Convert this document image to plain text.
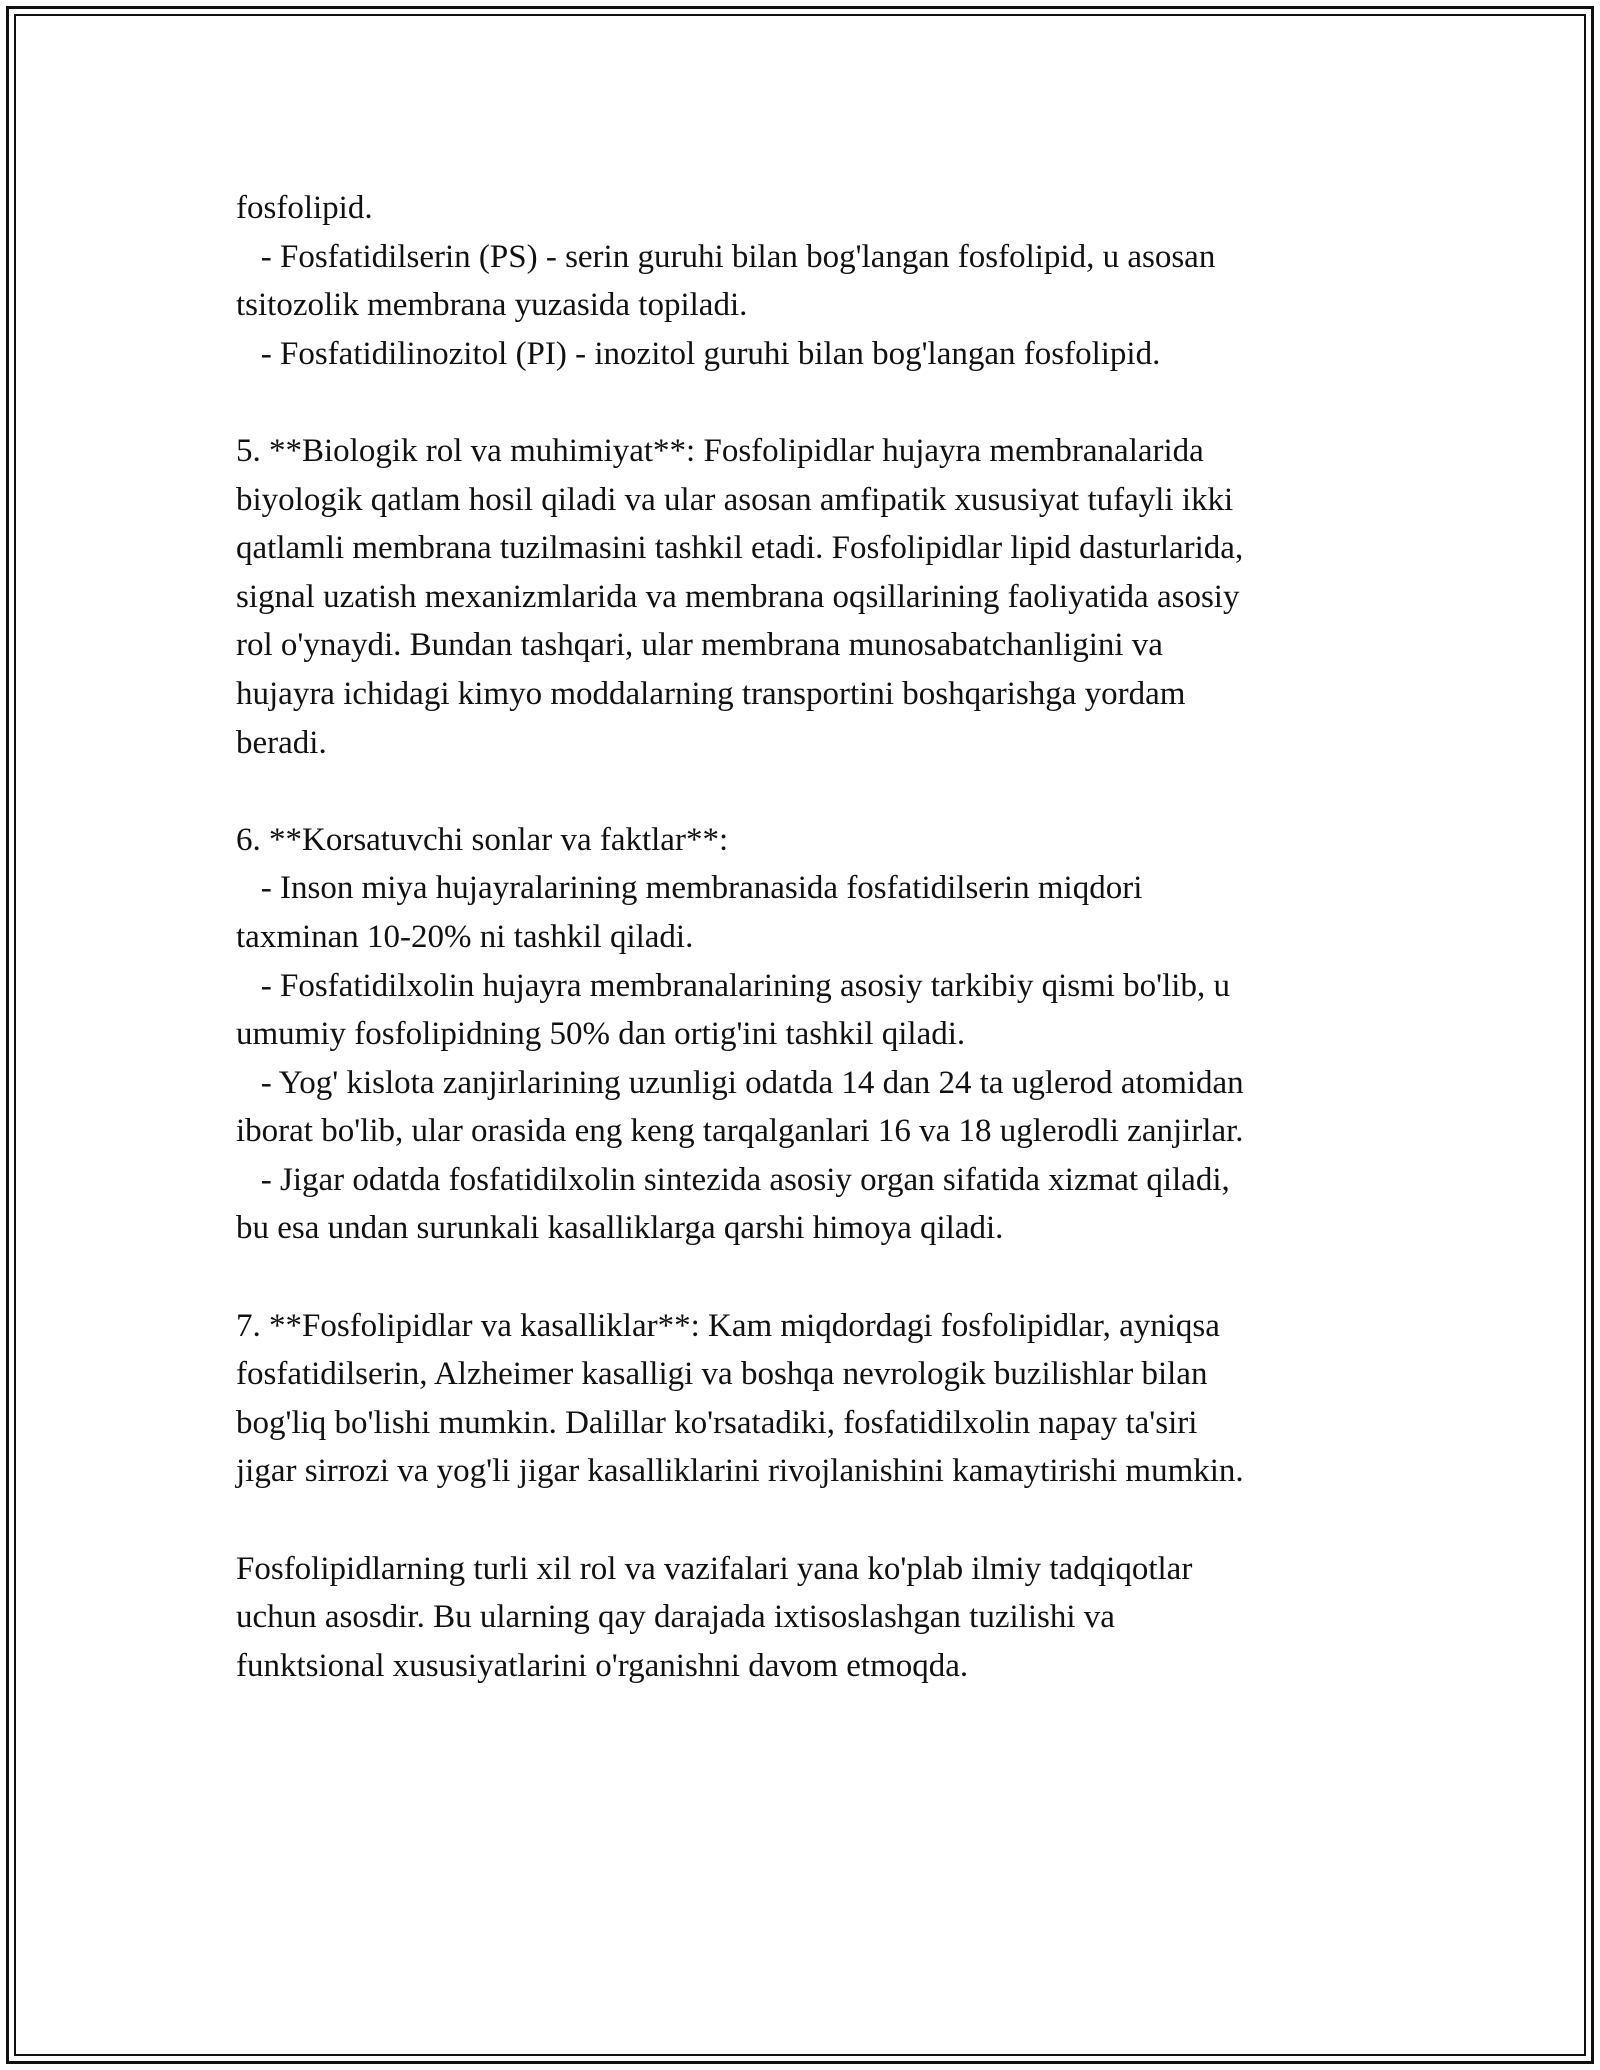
fosfolipid.
- Fosfatidilserin (PS) - serin guruhi bilan bog'langan fosfolipid, u asosan
tsitozolik membrana yuzasida topiladi.
- Fosfatidilinozitol (PI) - inozitol guruhi bilan bog'langan fosfolipid.
5. **Biologik rol va muhimiyat**: Fosfolipidlar hujayra membranalarida
biyologik qatlam hosil qiladi va ular asosan amfipatik xususiyat tufayli ikki
qatlamli membrana tuzilmasini tashkil etadi. Fosfolipidlar lipid dasturlarida,
signal uzatish mexanizmlarida va membrana oqsillarining faoliyatida asosiy
rol o'ynaydi. Bundan tashqari, ular membrana munosabatchanligini va
hujayra ichidagi kimyo moddalarning transportini boshqarishga yordam
beradi.
6. **Korsatuvchi sonlar va faktlar**:
- Inson miya hujayralarining membranasida fosfatidilserin miqdori
taxminan 10-20% ni tashkil qiladi.
- Fosfatidilxolin hujayra membranalarining asosiy tarkibiy qismi bo'lib, u
umumiy fosfolipidning 50% dan ortig'ini tashkil qiladi.
- Yog' kislota zanjirlarining uzunligi odatda 14 dan 24 ta uglerod atomidan
iborat bo'lib, ular orasida eng keng tarqalganlari 16 va 18 uglerodli zanjirlar.
- Jigar odatda fosfatidilxolin sintezida asosiy organ sifatida xizmat qiladi,
bu esa undan surunkali kasalliklarga qarshi himoya qiladi.
7. **Fosfolipidlar va kasalliklar**: Kam miqdordagi fosfolipidlar, ayniqsa
fosfatidilserin, Alzheimer kasalligi va boshqa nevrologik buzilishlar bilan
bog'liq bo'lishi mumkin. Dalillar ko'rsatadiki, fosfatidilxolin napay ta'siri
jigar sirrozi va yog'li jigar kasalliklarini rivojlanishini kamaytirishi mumkin.
Fosfolipidlarning turli xil rol va vazifalari yana ko'plab ilmiy tadqiqotlar
uchun asosdir. Bu ularning qay darajada ixtisoslashgan tuzilishi va
funktsional xususiyatlarini o'rganishni davom etmoqda.
